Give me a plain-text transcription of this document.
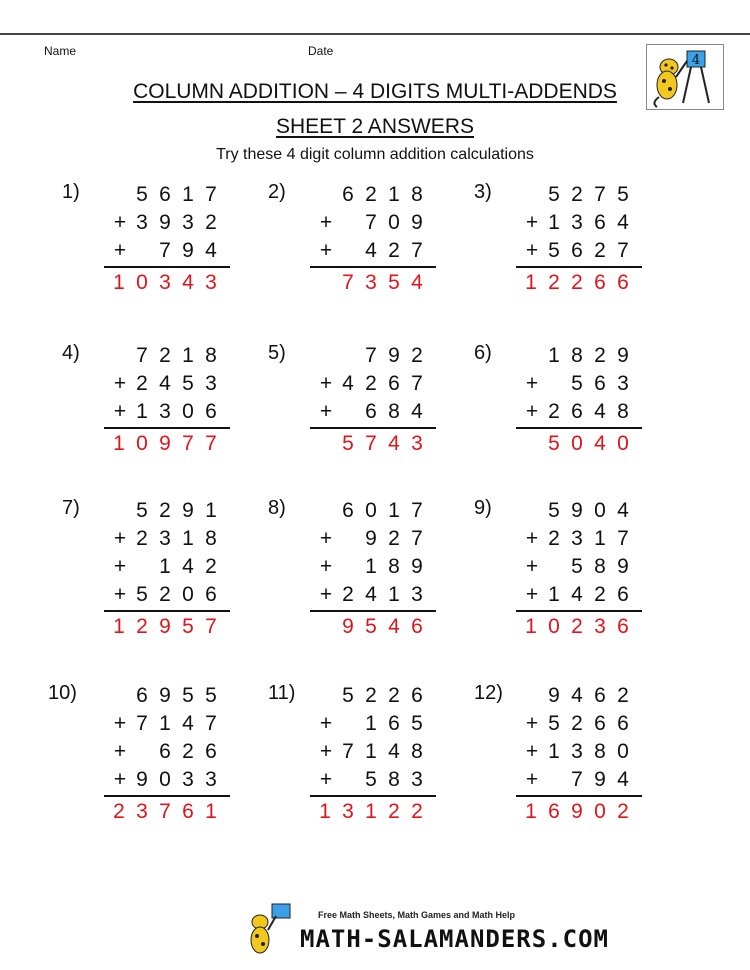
Name	Date
4
COLUMN ADDITION – 4 DIGITS MULTI-ADDENDS
SHEET 2 ANSWERS
Try these 4 digit column addition calculations
1)	5 6 1 7
+ 3 9 3 2
+ 7 9 4
1 0 3 4 3
2)	6 2 1 8
+ 7 0 9
+ 4 2 7
7 3 5 4
3)	5 2 7 5
+ 1 3 6 4
+ 5 6 2 7
1 2 2 6 6
4)	7 2 1 8
+ 2 4 5 3
+ 1 3 0 6
1 0 9 7 7
5)	7 9 2
+ 4 2 6 7
+ 6 8 4
5 7 4 3
6)	1 8 2 9
+ 5 6 3
+ 2 6 4 8
5 0 4 0
7)	5 2 9 1
+ 2 3 1 8
+ 1 4 2
+ 5 2 0 6
1 2 9 5 7
8)	6 0 1 7
+ 9 2 7
+ 1 8 9
+ 2 4 1 3
9 5 4 6
9)	5 9 0 4
+ 2 3 1 7
+ 5 8 9
+ 1 4 2 6
1 0 2 3 6
10)	6 9 5 5
+ 7 1 4 7
+ 6 2 6
+ 9 0 3 3
2 3 7 6 1
11) 5 2 2 6
+ 1 6 5
+ 7 1 4 8
+ 5 8 3
1 3 1 2 2
12) 9 4 6 2
+ 5 2 6 6
+ 1 3 8 0
+ 7 9 4
1 6 9 0 2
Free Math Sheets, Math Games and Math Help
MATH-SALAMANDERS.COM
